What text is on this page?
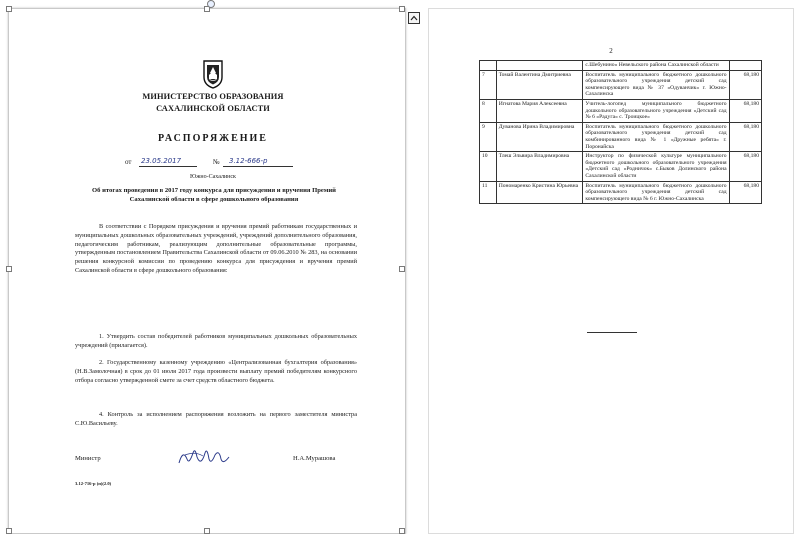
МИНИСТЕРСТВО ОБРАЗОВАНИЯ
САХАЛИНСКОЙ ОБЛАСТИ
РАСПОРЯЖЕНИЕ
от 23.05.2017	№ 3.12-666-р
Южно-Сахалинск
Об итогах проведения в 2017 году конкурса для присуждения и вручения Премий Сахалинской области в сфере дошкольного образования
В соответствии с Порядком присуждения и вручения премий работникам государственных и муниципальных дошкольных образовательных учреждений, учреждений дополнительного образования, педагогическим работникам, реализующим дополнительные образовательные программы, утвержденным постановлением Правительства Сахалинской области от 09.06.2010 № 283, на основании решения конкурсной комиссии по проведению конкурса для присуждения и вручения премий Сахалинской области в сфере дошкольного образования:
1. Утвердить состав победителей работников муниципальных дошкольных образовательных учреждений (прилагается).
2. Государственному казенному учреждению «Централизованная бухгалтерия образования» (Н.В.Замолочная) в срок до 01 июля 2017 года произвести выплату премий победителям конкурсного отбора согласно утвержденной смете за счет средств областного бюджета.
4. Контроль за исполнением распоряжения возложить на первого заместителя министра С.Ю.Васильеву.
Министр	Н.А.Мурашова
3.12-716-р (п)(2.0)
2
		с.Шебунино» Невельского района Сахалинской области	
7	Томай Валентина Дмитриевна	Воспитатель муниципального бюджетного дошкольного образовательного учреждения детский сад компенсирующего вида № 37 «Одуванчик» г. Южно-Сахалинска	68,180
8	Игнатова Мария Алексеевна	Учитель-логопед муниципального бюджетного дошкольного образовательного учреждения «Детский сад № 6 «Радуга» с. Троицкое»	68,180
9	Дуванова Ирина Владимировна	Воспитатель муниципального бюджетного дошкольного образовательного учреждения детский сад комбинированного вида № 1 «Дружные ребята» г. Поронайска	68,180
10	Тлеш Эльвира Владимировна	Инструктор по физической культуре муниципального бюджетного дошкольного образовательного учреждения «Детский сад «Родничок» с.Быков Долинского района Сахалинской области	68,180
11	Пономаренко Кристина Юрьевна	Воспитатель муниципального бюджетного дошкольного образовательного учреждения детский сад компенсирующего вида № 6 г. Южно-Сахалинска	68,180
